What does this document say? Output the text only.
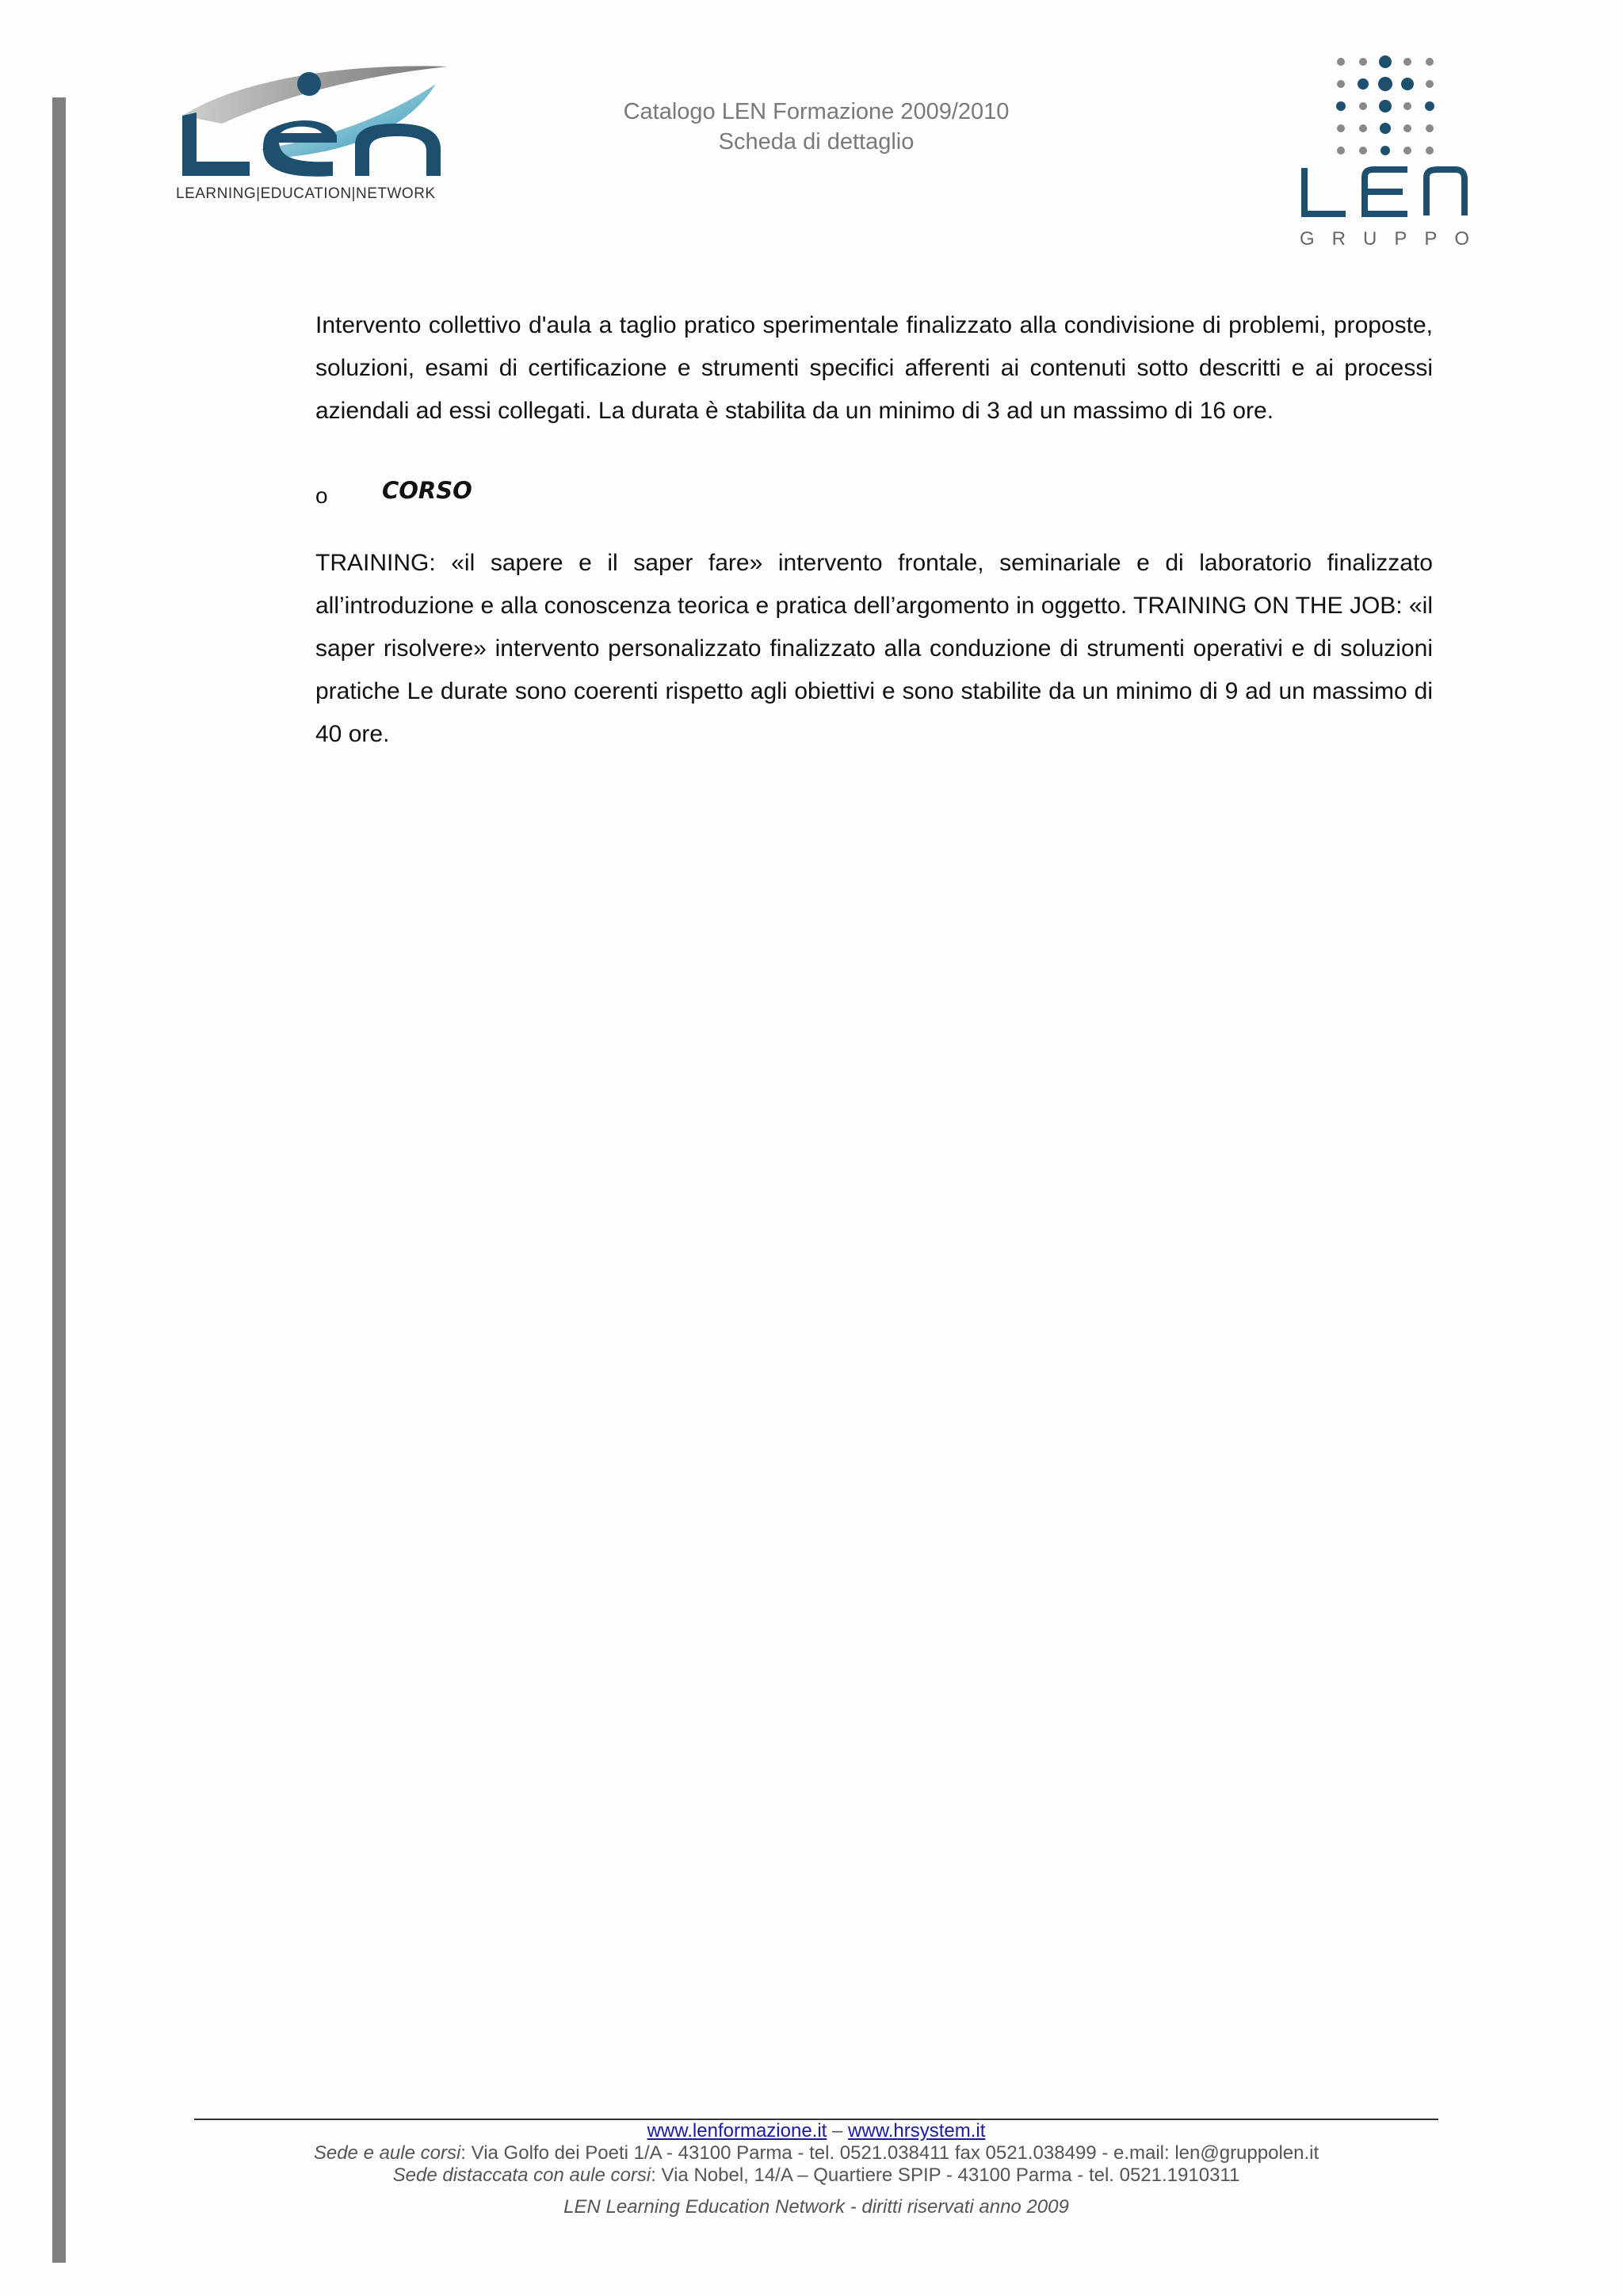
LEARNING|EDUCATION|NETWORK
Catalogo LEN Formazione 2009/2010
Scheda di dettaglio
G R U P P O

Intervento collettivo d'aula a taglio pratico sperimentale finalizzato alla condivisione di problemi, proposte, soluzioni, esami di certificazione e strumenti specifici afferenti ai contenuti sotto descritti e ai processi aziendali ad essi collegati. La durata è stabilita da un minimo di 3 ad un massimo di 16 ore.

o CORSO

TRAINING: «il sapere e il saper fare» intervento frontale, seminariale e di laboratorio finalizzato all’introduzione e alla conoscenza teorica e pratica dell’argomento in oggetto. TRAINING ON THE JOB: «il saper risolvere» intervento personalizzato finalizzato alla conduzione di strumenti operativi e di soluzioni pratiche Le durate sono coerenti rispetto agli obiettivi e sono stabilite da un minimo di 9 ad un massimo di 40 ore.

www.lenformazione.it – www.hrsystem.it
Sede e aule corsi: Via Golfo dei Poeti 1/A - 43100 Parma - tel. 0521.038411 fax 0521.038499 - e.mail: len@gruppolen.it
Sede distaccata con aule corsi: Via Nobel, 14/A – Quartiere SPIP - 43100 Parma - tel. 0521.1910311
LEN Learning Education Network - diritti riservati anno 2009
